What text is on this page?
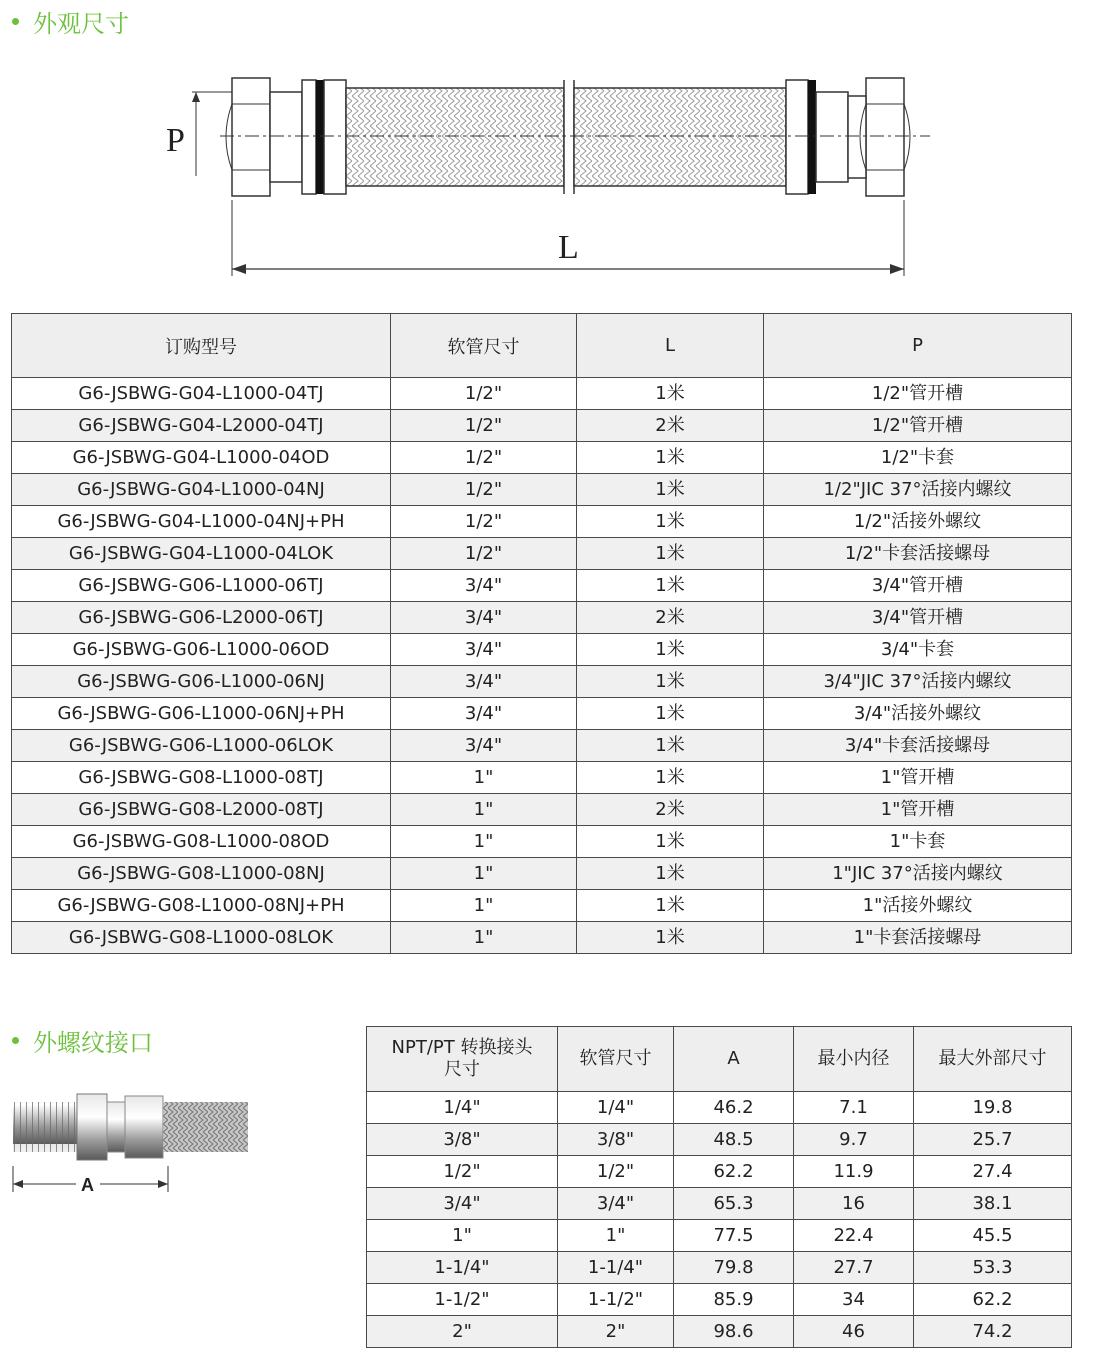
外观尺寸
P
L
订购型号	软管尺寸	L	P
G6-JSBWG-G04-L1000-04TJ	1/2"	1米	1/2"管开槽
G6-JSBWG-G04-L2000-04TJ	1/2"	2米	1/2"管开槽
G6-JSBWG-G04-L1000-04OD	1/2"	1米	1/2"卡套
G6-JSBWG-G04-L1000-04NJ	1/2"	1米	1/2"JIC 37°活接内螺纹
G6-JSBWG-G04-L1000-04NJ+PH	1/2"	1米	1/2"活接外螺纹
G6-JSBWG-G04-L1000-04LOK	1/2"	1米	1/2"卡套活接螺母
G6-JSBWG-G06-L1000-06TJ	3/4"	1米	3/4"管开槽
G6-JSBWG-G06-L2000-06TJ	3/4"	2米	3/4"管开槽
G6-JSBWG-G06-L1000-06OD	3/4"	1米	3/4"卡套
G6-JSBWG-G06-L1000-06NJ	3/4"	1米	3/4"JIC 37°活接内螺纹
G6-JSBWG-G06-L1000-06NJ+PH	3/4"	1米	3/4"活接外螺纹
G6-JSBWG-G06-L1000-06LOK	3/4"	1米	3/4"卡套活接螺母
G6-JSBWG-G08-L1000-08TJ	1"	1米	1"管开槽
G6-JSBWG-G08-L2000-08TJ	1"	2米	1"管开槽
G6-JSBWG-G08-L1000-08OD	1"	1米	1"卡套
G6-JSBWG-G08-L1000-08NJ	1"	1米	1"JIC 37°活接内螺纹
G6-JSBWG-G08-L1000-08NJ+PH	1"	1米	1"活接外螺纹
G6-JSBWG-G08-L1000-08LOK	1"	1米	1"卡套活接螺母
外螺纹接口
A
NPT/PT 转换接头
尺寸	软管尺寸	A	最小内径	最大外部尺寸
1/4"	1/4"	46.2	7.1	19.8
3/8"	3/8"	48.5	9.7	25.7
1/2"	1/2"	62.2	11.9	27.4
3/4"	3/4"	65.3	16	38.1
1"	1"	77.5	22.4	45.5
1-1/4"	1-1/4"	79.8	27.7	53.3
1-1/2"	1-1/2"	85.9	34	62.2
2"	2"	98.6	46	74.2
